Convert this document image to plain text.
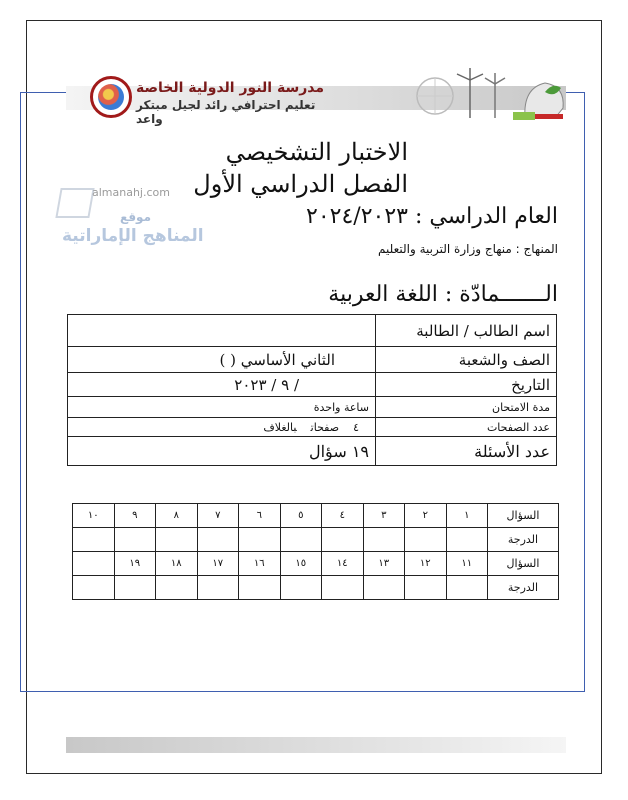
مدرسة النور الدولية الخاصة
تعليم احترافي رائد لجيل مبتكر واعد
almanahj.com
موقع
المناهج الإماراتية
الاختبار التشخيصي
الفصل الدراسي الأول
العام الدراسي : ٢٠٢٤/٢٠٢٣
المنهاج : منهاج وزارة التربية والتعليم
الـــــــمادّة : اللغة العربية
اسم الطالب / الطالبة	
الصف والشعبة	الثاني الأساسي ( )
التاريخ	/ ٩ / ٢٠٢٣
مدة الامتحان	ساعة واحدة
عدد الصفحات	٤صفحاتبالغلاف
عدد الأسئلة	١٩ سؤال
السؤال	١	٢	٣	٤	٥	٦	٧	٨	٩	١٠
الدرجة										
السؤال	١١	١٢	١٣	١٤	١٥	١٦	١٧	١٨	١٩	
الدرجة										
